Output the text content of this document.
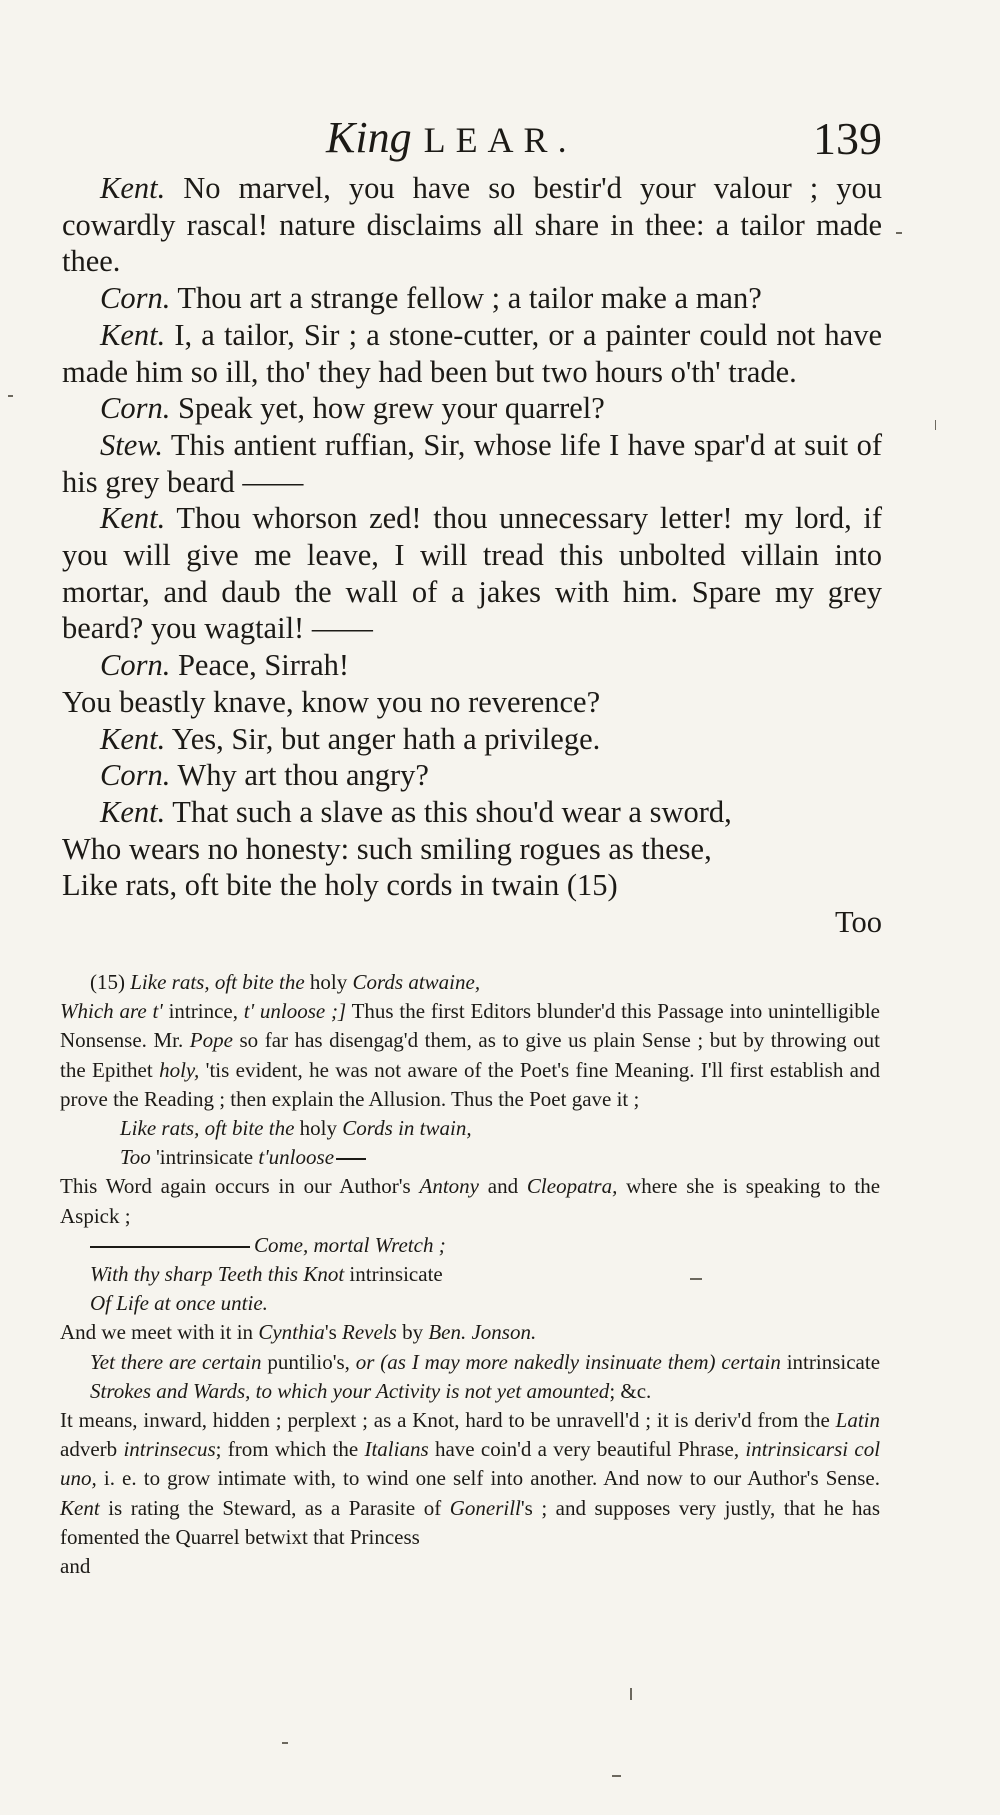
King LEAR.	139

Kent. No marvel, you have so bestir'd your valour ; you cowardly rascal! nature disclaims all share in thee: a tailor made thee.

Corn. Thou art a strange fellow ; a tailor make a man?

Kent. I, a tailor, Sir ; a stone-cutter, or a painter could not have made him so ill, tho' they had been but two hours o'th' trade.

Corn. Speak yet, how grew your quarrel?

Stew. This antient ruffian, Sir, whose life I have spar'd at suit of his grey beard ——

Kent. Thou whorson zed! thou unnecessary letter! my lord, if you will give me leave, I will tread this unbolted villain into mortar, and daub the wall of a jakes with him. Spare my grey beard? you wagtail! ——

Corn. Peace, Sirrah!

You beastly knave, know you no reverence?

Kent. Yes, Sir, but anger hath a privilege.

Corn. Why art thou angry?

Kent. That such a slave as this shou'd wear a sword,

Who wears no honesty: such smiling rogues as these,

Like rats, oft bite the holy cords in twain (15)

Too

(15) Like rats, oft bite the holy Cords atwaine,

Which are t' intrince, t' unloose ;] Thus the first Editors blunder'd this Passage into unintelligible Nonsense. Mr. Pope so far has disengag'd them, as to give us plain Sense ; but by throwing out the Epithet holy, 'tis evident, he was not aware of the Poet's fine Meaning. I'll first establish and prove the Reading ; then explain the Allusion. Thus the Poet gave it ;

Like rats, oft bite the holy Cords in twain,

Too 'intrinsicate t'unloose

This Word again occurs in our Author's Antony and Cleopatra, where she is speaking to the Aspick ;

Come, mortal Wretch ;

With thy sharp Teeth this Knot intrinsicate

Of Life at once untie.

And we meet with it in Cynthia's Revels by Ben. Jonson.

Yet there are certain puntilio's, or (as I may more nakedly insinuate them) certain intrinsicate Strokes and Wards, to which your Activity is not yet amounted; &c.

It means, inward, hidden ; perplext ; as a Knot, hard to be unravell'd ; it is deriv'd from the Latin adverb intrinsecus; from which the Italians have coin'd a very beautiful Phrase, intrinsicarsi col uno, i. e. to grow intimate with, to wind one self into another. And now to our Author's Sense. Kent is rating the Steward, as a Parasite of Gonerill's ; and supposes very justly, that he has fomented the Quarrel betwixt that Princess

and
